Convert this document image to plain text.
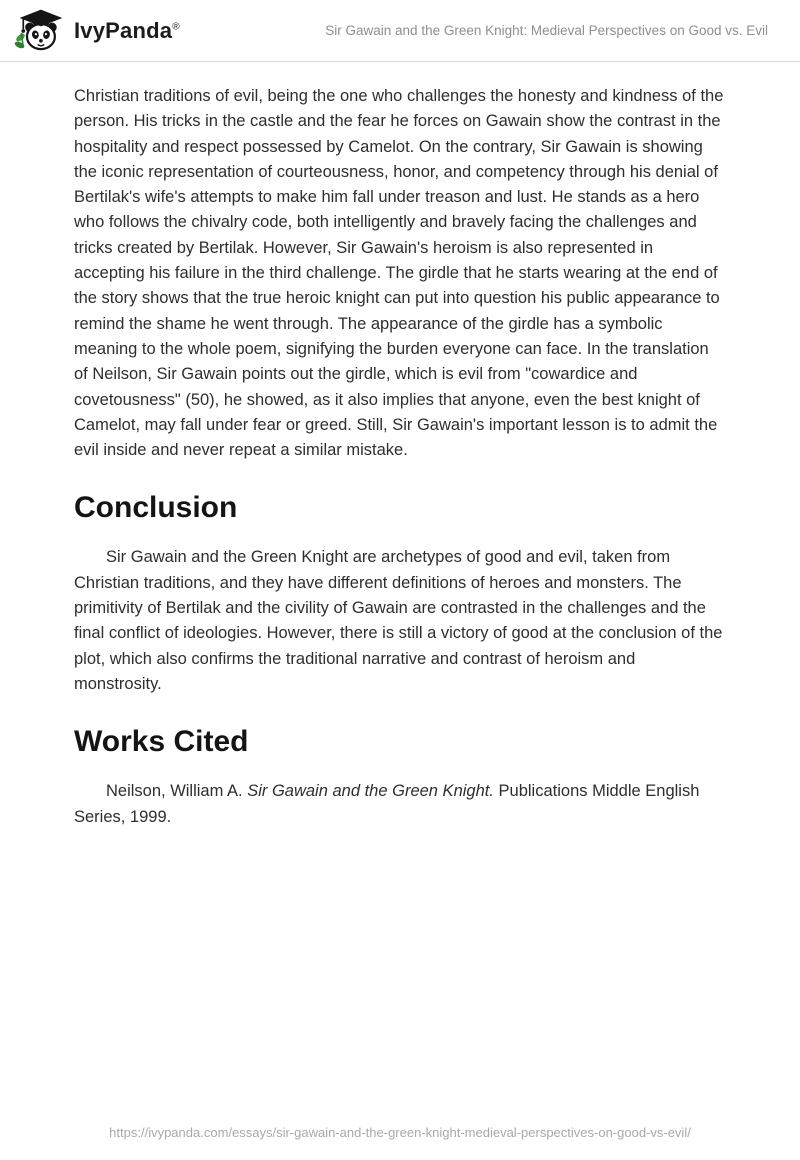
IvyPanda®	Sir Gawain and the Green Knight: Medieval Perspectives on Good vs. Evil

Christian traditions of evil, being the one who challenges the honesty and kindness of the person. His tricks in the castle and the fear he forces on Gawain show the contrast in the hospitality and respect possessed by Camelot. On the contrary, Sir Gawain is showing the iconic representation of courteousness, honor, and competency through his denial of Bertilak's wife's attempts to make him fall under treason and lust. He stands as a hero who follows the chivalry code, both intelligently and bravely facing the challenges and tricks created by Bertilak. However, Sir Gawain's heroism is also represented in accepting his failure in the third challenge. The girdle that he starts wearing at the end of the story shows that the true heroic knight can put into question his public appearance to remind the shame he went through. The appearance of the girdle has a symbolic meaning to the whole poem, signifying the burden everyone can face. In the translation of Neilson, Sir Gawain points out the girdle, which is evil from "cowardice and covetousness" (50), he showed, as it also implies that anyone, even the best knight of Camelot, may fall under fear or greed. Still, Sir Gawain's important lesson is to admit the evil inside and never repeat a similar mistake.

Conclusion

Sir Gawain and the Green Knight are archetypes of good and evil, taken from Christian traditions, and they have different definitions of heroes and monsters. The primitivity of Bertilak and the civility of Gawain are contrasted in the challenges and the final conflict of ideologies. However, there is still a victory of good at the conclusion of the plot, which also confirms the traditional narrative and contrast of heroism and monstrosity.

Works Cited

Neilson, William A. Sir Gawain and the Green Knight. Publications Middle English Series, 1999.

https://ivypanda.com/essays/sir-gawain-and-the-green-knight-medieval-perspectives-on-good-vs-evil/
